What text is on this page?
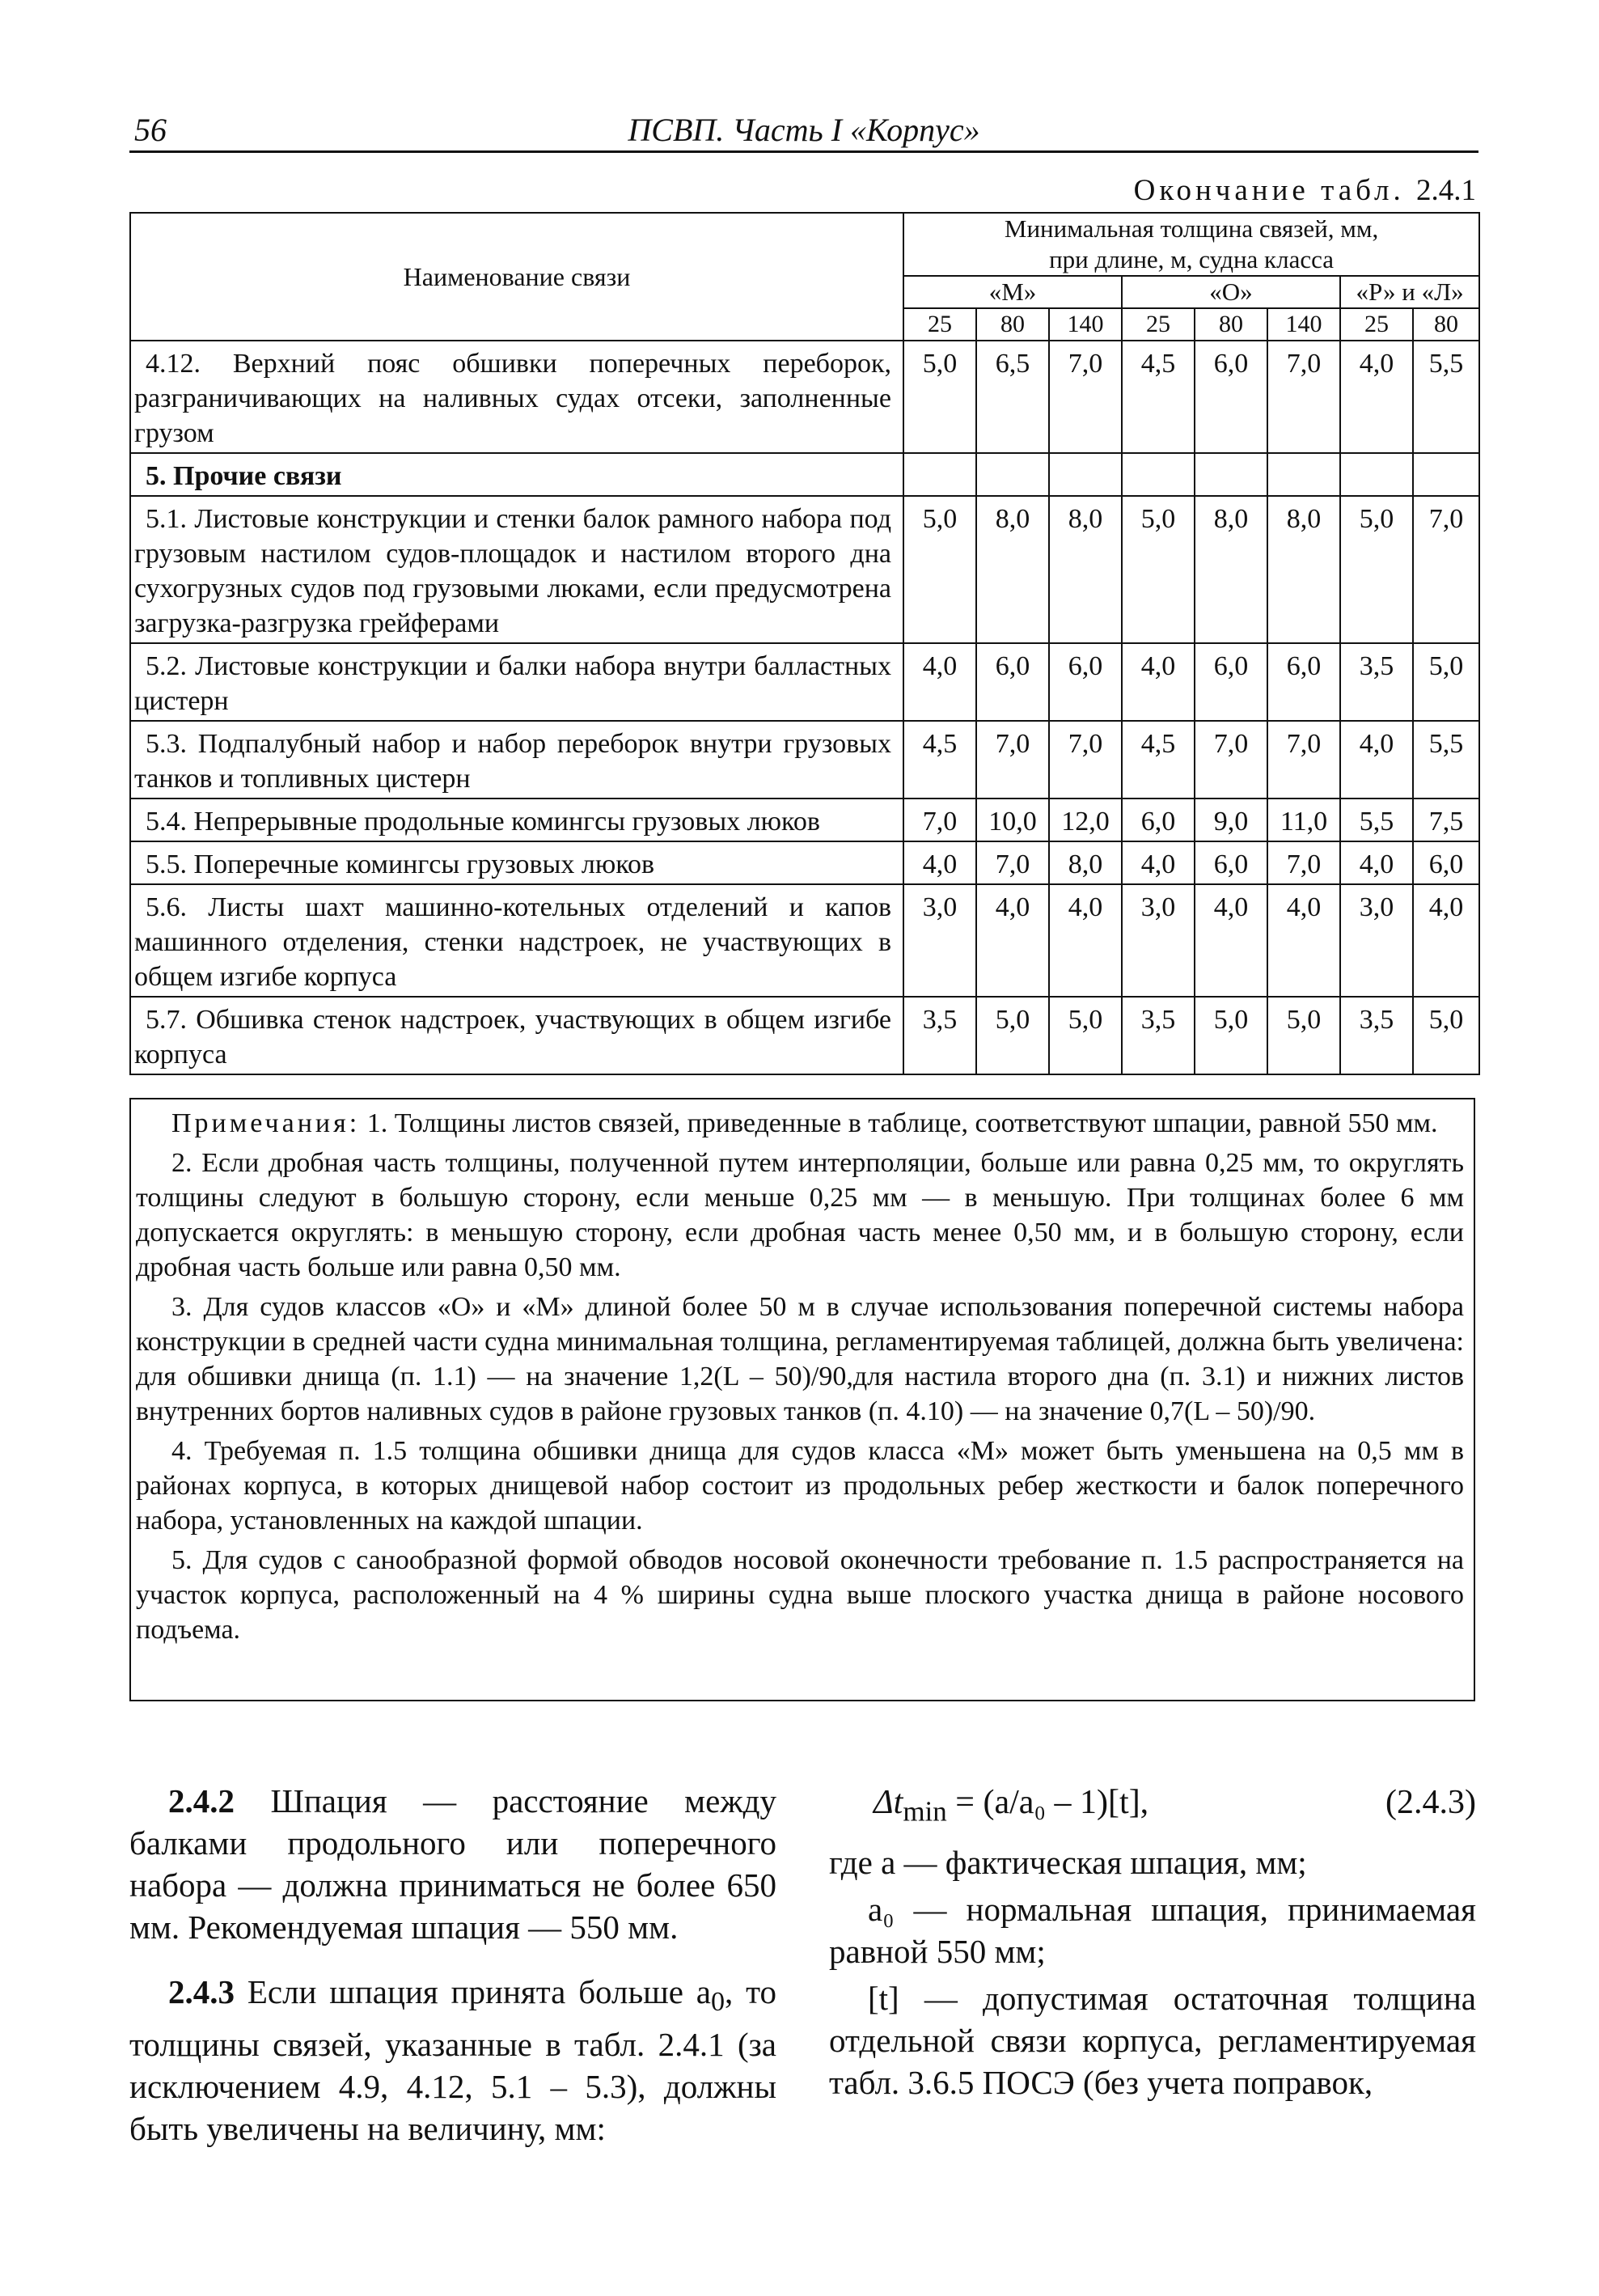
56	ПСВП. Часть I «Корпус»
Окончание табл. 2.4.1
Наименование связи	Минимальная толщина связей, мм,
при длине, м, судна класса							

	«М»			«О»			«Р» и «Л»	
	25	80	140	25	80	140	25	80
4.12. Верхний пояс обшивки поперечных переборок, разграничивающих на наливных судах отсеки, заполненные грузом	5,0	6,5	7,0	4,5	6,0	7,0	4,0	5,5
5. Прочие связи								
5.1. Листовые конструкции и стенки балок рамного набора под грузовым настилом судов-площадок и настилом второго дна сухогрузных судов под грузовыми люками, если предусмотрена загрузка-разгрузка грейферами	5,0	8,0	8,0	5,0	8,0	8,0	5,0	7,0
5.2. Листовые конструкции и балки набора внутри балластных цистерн	4,0	6,0	6,0	4,0	6,0	6,0	3,5	5,0
5.3. Подпалубный набор и набор переборок внутри грузовых танков и топливных цистерн	4,5	7,0	7,0	4,5	7,0	7,0	4,0	5,5
5.4. Непрерывные продольные комингсы грузовых люков	7,0	10,0	12,0	6,0	9,0	11,0	5,5	7,5
5.5. Поперечные комингсы грузовых люков	4,0	7,0	8,0	4,0	6,0	7,0	4,0	6,0
5.6. Листы шахт машинно-котельных отделений и капов машинного отделения, стенки надстроек, не участвующих в общем изгибе корпуса	3,0	4,0	4,0	3,0	4,0	4,0	3,0	4,0
5.7. Обшивка стенок надстроек, участвующих в общем изгибе корпуса	3,5	5,0	5,0	3,5	5,0	5,0	3,5	5,0

Примечания: 1. Толщины листов связей, приведенные в таблице, соответствуют шпации, равной 550 мм.

2. Если дробная часть толщины, полученной путем интерполяции, больше или равна 0,25 мм, то округлять толщины следуют в большую сторону, если меньше 0,25 мм — в меньшую. При толщинах более 6 мм допускается округлять: в меньшую сторону, если дробная часть менее 0,50 мм, и в большую сторону, если дробная часть больше или равна 0,50 мм.

3. Для судов классов «О» и «М» длиной более 50 м в случае использования поперечной системы набора конструкции в средней части судна минимальная толщина, регламентируемая таблицей, должна быть увеличена: для обшивки днища (п. 1.1) — на значение 1,2(L – 50)/90,для настила второго дна (п. 3.1) и нижних листов внутренних бортов наливных судов в районе грузовых танков (п. 4.10) — на значение 0,7(L – 50)/90.

4. Требуемая п. 1.5 толщина обшивки днища для судов класса «М» может быть уменьшена на 0,5 мм в районах корпуса, в которых днищевой набор состоит из продольных ребер жесткости и балок поперечного набора, установленных на каждой шпации.

5. Для судов с санообразной формой обводов носовой оконечности требование п. 1.5 распространяется на участок корпуса, расположенный на 4 % ширины судна выше плоского участка днища в районе носового подъема.

2.4.2 Шпация — расстояние между балками продольного или поперечного набора — должна приниматься не более 650 мм. Рекомендуемая шпация — 550 мм.

2.4.3 Если шпация принята больше $a_0$, то толщины связей, указанные в табл. 2.4.1 (за исключением 4.9, 4.12, 5.1 – 5.3), должны быть увеличены на величину, мм:

$\Delta t_{min} = (a/a_0 - 1)[t]$,	(2.4.3)

где a — фактическая шпация, мм;

a₀ — нормальная шпация, принимаемая равной 550 мм;

[t] — допустимая остаточная толщина отдельной связи корпуса, регламентируемая табл. 3.6.5 ПОСЭ (без учета поправок,
